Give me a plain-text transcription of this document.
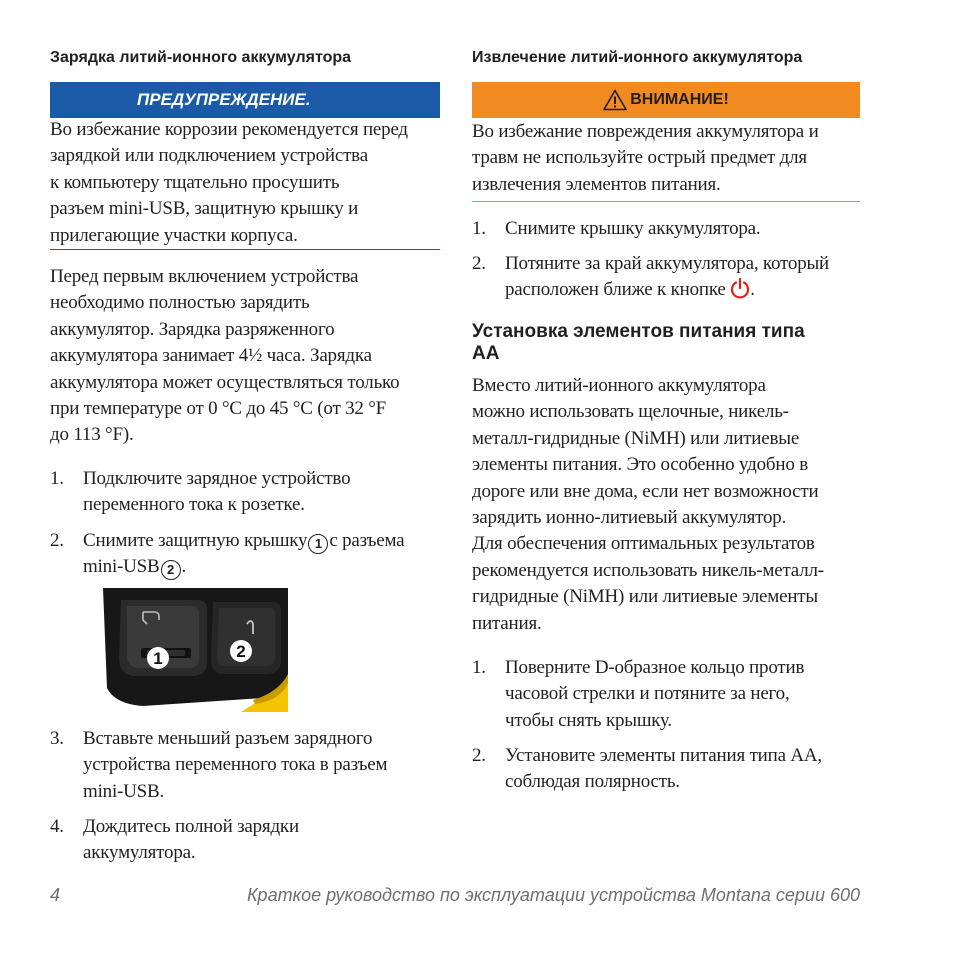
Зарядка литий-ионного аккумулятора
ПРЕДУПРЕЖДЕНИЕ.
Во избежание коррозии рекомендуется перед
зарядкой или подключением устройства
к компьютеру тщательно просушить
разъем mini-USB, защитную крышку и
прилегающие участки корпуса.
Перед первым включением устройства
необходимо полностью зарядить
аккумулятор. Зарядка разряженного
аккумулятора занимает 4½ часа. Зарядка
аккумулятора может осуществляться только
при температуре от 0 °C до 45 °C (от 32 °F
до 113 °F).
1. Подключите зарядное устройство
переменного тока к розетке.
2. Снимите защитную крышку 1 с разъема
mini-USB 2 .
3. Вставьте меньший разъем зарядного
устройства переменного тока в разъем
mini-USB.
4. Дождитесь полной зарядки
аккумулятора.
1	2
Извлечение литий-ионного аккумулятора
ВНИМАНИЕ!
Во избежание повреждения аккумулятора и
травм не используйте острый предмет для
извлечения элементов питания.
1. Снимите крышку аккумулятора.
2. Потяните за край аккумулятора, который
расположен ближе к кнопке .
Установка элементов питания типа
АА
Вместо литий-ионного аккумулятора
можно использовать щелочные, никель-
металл-гидридные (NiMH) или литиевые
элементы питания. Это особенно удобно в
дороге или вне дома, если нет возможности
зарядить ионно-литиевый аккумулятор.
Для обеспечения оптимальных результатов
рекомендуется использовать никель-металл-
гидридные (NiMH) или литиевые элементы
питания.
1. Поверните D-образное кольцо против
часовой стрелки и потяните за него,
чтобы снять крышку.
2. Установите элементы питания типа АА,
соблюдая полярность.
4	Краткое руководство по эксплуатации устройства Montana серии 600
